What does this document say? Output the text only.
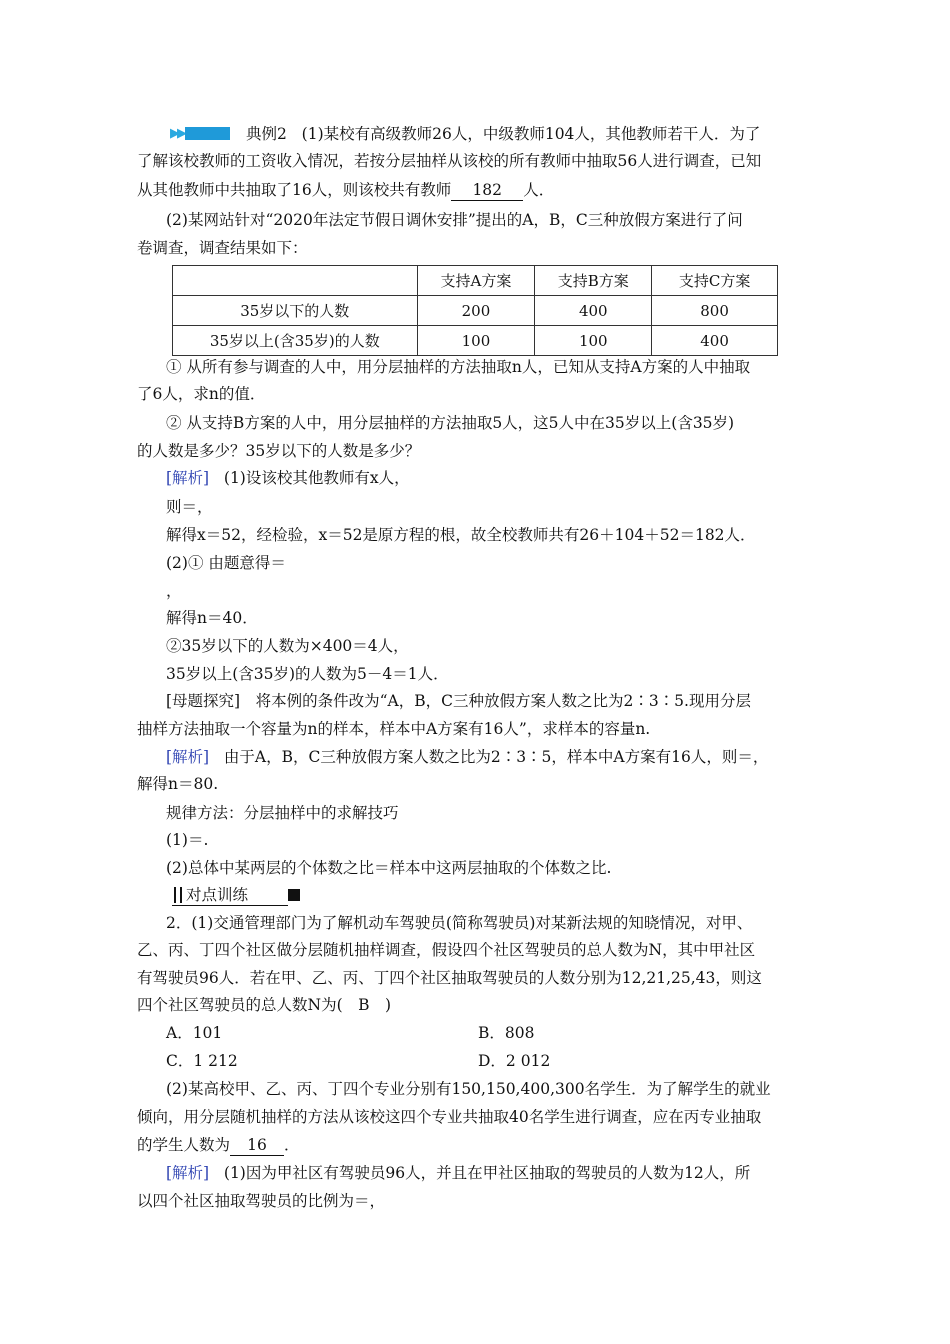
▶▶	典例2 (1)某校有高级教师26人，中级教师104人，其他教师若干人．为了
了解该校教师的工资收入情况，若按分层抽样从该校的所有教师中抽取56人进行调查，已知
从其他教师中共抽取了16人，则该校共有教师 182 人．
(2)某网站针对“2020年法定节假日调休安排”提出的A，B，C三种放假方案进行了问
卷调查，调查结果如下：
	支持A方案	支持B方案	支持C方案
35岁以下的人数	200	400	800
35岁以上(含35岁)的人数	100	100	400
① 从所有参与调查的人中，用分层抽样的方法抽取n人，已知从支持A方案的人中抽取
了6人，求n的值．
② 从支持B方案的人中，用分层抽样的方法抽取5人，这5人中在35岁以上(含35岁)
的人数是多少？35岁以下的人数是多少？
[解析] (1)设该校其他教师有x人，
则＝，
解得x＝52，经检验，x＝52是原方程的根，故全校教师共有26＋104＋52＝182人．
(2)① 由题意得＝
，
解得n＝40．
②35岁以下的人数为×400＝4人，
35岁以上(含35岁)的人数为5－4＝1人．
[母题探究]　将本例的条件改为“A，B，C三种放假方案人数之比为2∶3∶5.现用分层
抽样方法抽取一个容量为n的样本，样本中A方案有16人”，求样本的容量n.
[解析] 由于A，B，C三种放假方案人数之比为2∶3∶5，样本中A方案有16人，则＝，
解得n＝80.
规律方法：分层抽样中的求解技巧
(1)＝.
(2)总体中某两层的个体数之比＝样本中这两层抽取的个体数之比.
对点训练
2．(1)交通管理部门为了解机动车驾驶员(简称驾驶员)对某新法规的知晓情况，对甲、
乙、丙、丁四个社区做分层随机抽样调查，假设四个社区驾驶员的总人数为N，其中甲社区
有驾驶员96人．若在甲、乙、丙、丁四个社区抽取驾驶员的人数分别为12,21,25,43，则这
四个社区驾驶员的总人数N为(　B　)
A．101	B．808
C．1 212	D．2 012
(2)某高校甲、乙、丙、丁四个专业分别有150,150,400,300名学生．为了解学生的就业
倾向，用分层随机抽样的方法从该校这四个专业共抽取40名学生进行调查，应在丙专业抽取
的学生人数为 16 ．
[解析] (1)因为甲社区有驾驶员96人，并且在甲社区抽取的驾驶员的人数为12人，所
以四个社区抽取驾驶员的比例为＝，
